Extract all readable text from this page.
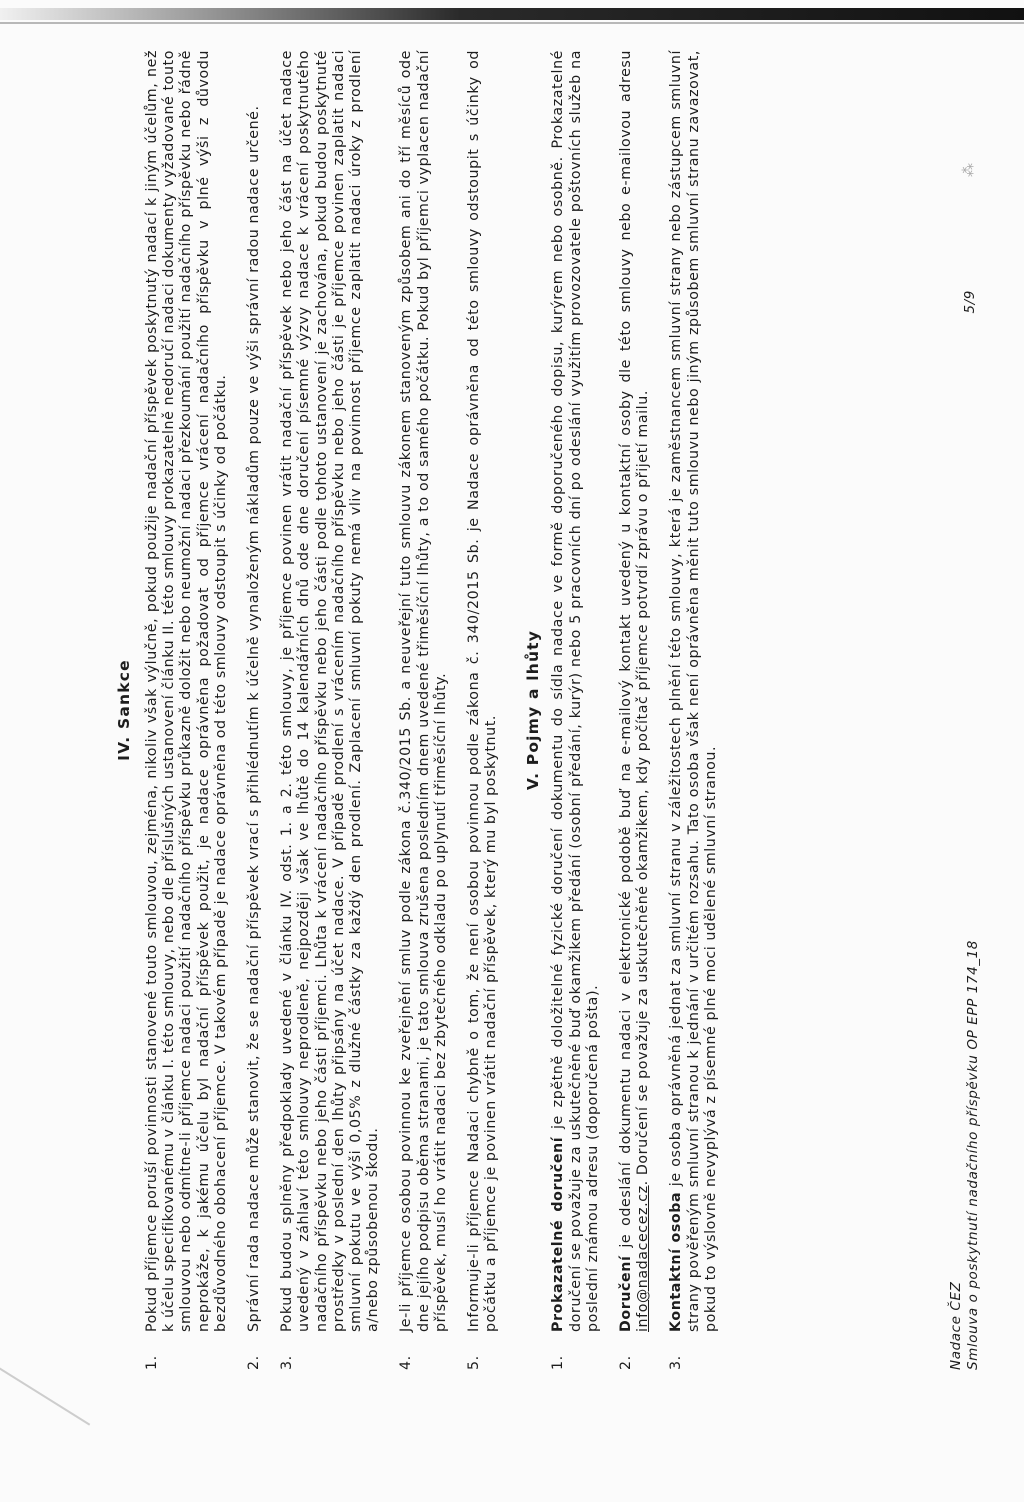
⁂
IV. Sankce
1.
Pokud příjemce poruší povinnosti stanovené touto smlouvou, zejména, nikoliv však výlučně, pokud použije nadační příspěvek poskytnutý nadací k jiným účelům, než k účelu specifikovanému v článku I. této smlouvy, nebo dle příslušných ustanovení článku II. této smlouvy prokazatelně nedoručí nadaci dokumenty vyžadované touto smlouvou nebo odmítne-li příjemce nadaci použití nadačního příspěvku průkazně doložit nebo neumožní nadaci přezkoumání použití nadačního příspěvku nebo řádně neprokáže, k jakému účelu byl nadační příspěvek použit, je nadace oprávněna požadovat od příjemce vrácení nadačního příspěvku v plné výši z důvodu bezdůvodného obohacení příjemce. V takovém případě je nadace oprávněna od této smlouvy odstoupit s účinky od počátku.
2.
Správní rada nadace může stanovit, že se nadační příspěvek vrací s přihlédnutím k účelně vynaloženým nákladům pouze ve výši správní radou nadace určené.
3.
Pokud budou splněny předpoklady uvedené v článku IV. odst. 1. a 2. této smlouvy, je příjemce povinen vrátit nadační příspěvek nebo jeho část na účet nadace uvedený v záhlaví této smlouvy neprodleně, nejpozději však ve lhůtě do 14 kalendářních dnů ode dne doručení písemné výzvy nadace k vrácení poskytnutého nadačního příspěvku nebo jeho části příjemci. Lhůta k vrácení nadačního příspěvku nebo jeho části podle tohoto ustanovení je zachována, pokud budou poskytnuté prostředky v poslední den lhůty připsány na účet nadace. V případě prodlení s vrácením nadačního příspěvku nebo jeho části je příjemce povinen zaplatit nadaci smluvní pokutu ve výši 0,05% z dlužné částky za každý den prodlení. Zaplacení smluvní pokuty nemá vliv na povinnost příjemce zaplatit nadaci úroky z prodlení a/nebo způsobenou škodu.
4.
Je-li příjemce osobou povinnou ke zveřejnění smluv podle zákona č.340/2015 Sb. a neuveřejní tuto smlouvu zákonem stanoveným způsobem ani do tří měsíců ode dne jejího podpisu oběma stranami, je tato smlouva zrušena posledním dnem uvedené třiměsíční lhůty, a to od samého počátku. Pokud byl příjemci vyplacen nadační příspěvek, musí ho vrátit nadaci bez zbytečného odkladu po uplynutí třiměsíční lhůty.
5.
Informuje-li příjemce Nadaci chybně o tom, že není osobou povinnou podle zákona č. 340/2015 Sb. je Nadace oprávněna od této smlouvy odstoupit s účinky od počátku a příjemce je povinen vrátit nadační příspěvek, který mu byl poskytnut.
V. Pojmy a lhůty
1.
Prokazatelné doručení je zpětně doložitelné fyzické doručení dokumentu do sídla nadace ve formě doporučeného dopisu, kurýrem nebo osobně. Prokazatelné doručení se považuje za uskutečněné buď okamžikem předání (osobní předání, kurýr) nebo 5 pracovních dní po odeslání využitím provozovatele poštovních služeb na poslední známou adresu (doporučená pošta).
2.
Doručení je odeslání dokumentu nadaci v elektronické podobě buď na e-mailový kontakt uvedený u kontaktní osoby dle této smlouvy nebo e-mailovou adresu info@nadacecez.cz. Doručení se považuje za uskutečněné okamžikem, kdy počítač příjemce potvrdí zprávu o přijetí mailu.
3.
Kontaktní osoba je osoba oprávněná jednat za smluvní stranu v záležitostech plnění této smlouvy, která je zaměstnancem smluvní strany nebo zástupcem smluvní strany pověřeným smluvní stranou k jednání v určitém rozsahu. Tato osoba však není oprávněna měnit tuto smlouvu nebo jiným způsobem smluvní stranu zavazovat, pokud to výslovně nevyplývá z písemné plné moci udělené smluvní stranou.	Nadace ČEZ Smlouva o poskytnutí nadačního příspěvku OP EPP 174_18
5/9
